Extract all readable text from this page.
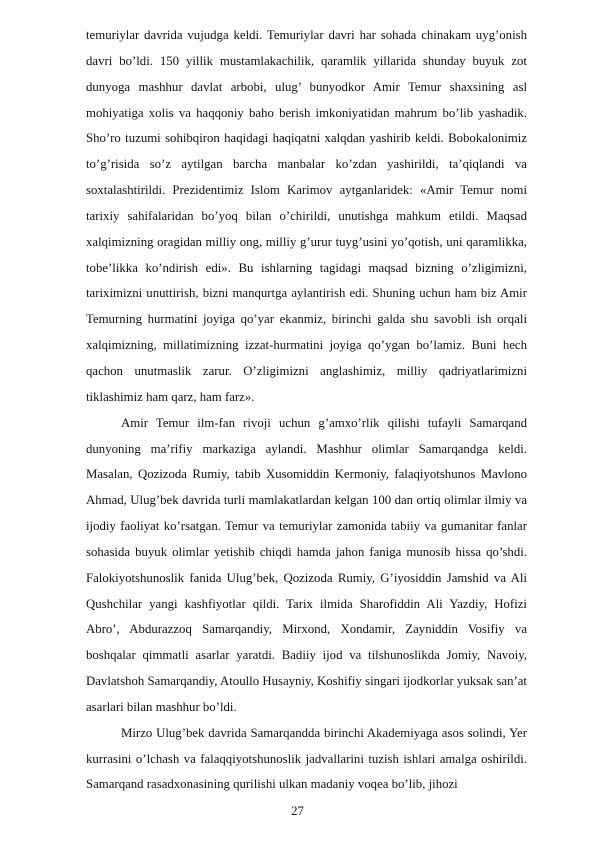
temuriylar davrida vujudga keldi. Temuriylar davri har sohada chinakam uyg’onish davri bo’ldi. 150 yillik mustamlakachilik, qaramlik yillarida shunday buyuk zot dunyoga mashhur davlat arbobi, ulug’ bunyodkor Amir Temur shaxsining asl mohiyatiga xolis va haqqoniy baho berish imkoniyatidan mahrum bo’lib yashadik. Sho’ro tuzumi sohibqiron haqidagi haqiqatni xalqdan yashirib keldi. Bobokalonimiz to’g’risida so’z aytilgan barcha manbalar ko’zdan yashirildi, ta’qiqlandi va soxtalashtirildi. Prezidentimiz Islom Karimov aytganlaridek: «Amir Temur nomi tarixiy sahifalaridan bo’yoq bilan o’chirildi, unutishga mahkum etildi. Maqsad xalqimizning oragidan milliy ong, milliy g’urur tuyg’usini yo’qotish, uni qaramlikka, tobe’likka ko’ndirish edi». Bu ishlarning tagidagi maqsad bizning o’zligimizni, tariximizni unuttirish, bizni manqurtga aylantirish edi. Shuning uchun ham biz Amir Temurning hurmatini joyiga qo’yar ekanmiz, birinchi galda shu savobli ish orqali xalqimizning, millatimizning izzat-hurmatini joyiga qo’ygan bo’lamiz. Buni hech qachon unutmaslik zarur. O’zligimizni anglashimiz, milliy qadriyatlarimizni tiklashimiz ham qarz, ham farz».

Amir Temur ilm-fan rivoji uchun g’amxo’rlik qilishi tufayli Samarqand dunyoning ma’rifiy markaziga aylandi. Mashhur olimlar Samarqandga keldi. Masalan, Qozizoda Rumiy, tabib Xusomiddin Kermoniy, falaqiyotshunos Mavlono Ahmad, Ulug’bek davrida turli mamlakatlardan kelgan 100 dan ortiq olimlar ilmiy va ijodiy faoliyat ko’rsatgan. Temur va temuriylar zamonida tabiiy va gumanitar fanlar sohasida buyuk olimlar yetishib chiqdi hamda jahon faniga munosib hissa qo’shdi. Falokiyotshunoslik fanida Ulug’bek, Qozizoda Rumiy, G’iyosiddin Jamshid va Ali Qushchilar yangi kashfiyotlar qildi. Tarix ilmida Sharofiddin Ali Yazdiy, Hofizi Abro’, Abdurazzoq Samarqandiy, Mirxond, Xondamir, Zayniddin Vosifiy va boshqalar qimmatli asarlar yaratdi. Badiiy ijod va tilshunoslikda Jomiy, Navoiy, Davlatshoh Samarqandiy, Atoullo Husayniy, Koshifiy singari ijodkorlar yuksak san’at asarlari bilan mashhur bo’ldi.

Mirzo Ulug’bek davrida Samarqandda birinchi Akademiyaga asos solindi, Yer kurrasini o’lchash va falaqqiyotshunoslik jadvallarini tuzish ishlari amalga oshirildi. Samarqand rasadxonasining qurilishi ulkan madaniy voqea bo’lib, jihozi

27
